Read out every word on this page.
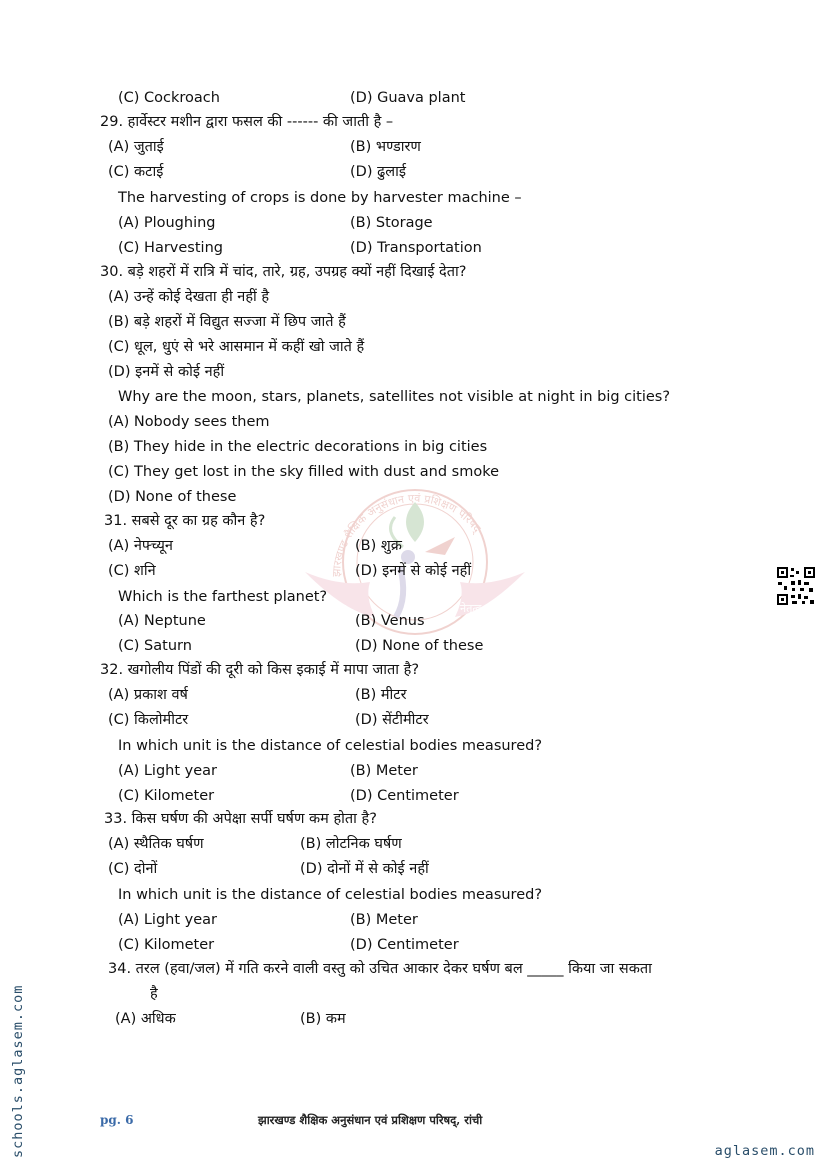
झारखण्ड शैक्षिक अनुसंधान एवं प्रशिक्षण परिषद्
ज्ञान	नेतृत्व
(C) Cockroach	(D) Guava plant
29. हार्वेस्टर मशीन द्वारा फसल की ------ की जाती है –
(A) जुताई	(B) भण्डारण
(C) कटाई	(D) ढुलाई
The harvesting of crops is done by harvester machine –
(A) Ploughing	(B) Storage
(C) Harvesting	(D) Transportation
30. बड़े शहरों में रात्रि में चांद, तारे, ग्रह, उपग्रह क्यों नहीं दिखाई देता?
(A) उन्हें कोई देखता ही नहीं है
(B) बड़े शहरों में विद्युत सज्जा में छिप जाते हैं
(C) धूल, धुएं से भरे आसमान में कहीं खो जाते हैं
(D) इनमें से कोई नहीं
Why are the moon, stars, planets, satellites not visible at night in big cities?
(A) Nobody sees them
(B) They hide in the electric decorations in big cities
(C) They get lost in the sky filled with dust and smoke
(D) None of these
31. सबसे दूर का ग्रह कौन है?
(A) नेफ्च्यून	(B) शुक्र
(C) शनि	(D) इनमें से कोई नहीं
Which is the farthest planet?
(A) Neptune	(B) Venus
(C) Saturn	(D) None of these
32. खगोलीय पिंडों की दूरी को किस इकाई में मापा जाता है?
(A) प्रकाश वर्ष	(B) मीटर
(C) किलोमीटर	(D) सेंटीमीटर
In which unit is the distance of celestial bodies measured?
(A) Light year	(B) Meter
(C) Kilometer	(D) Centimeter
33. किस घर्षण की अपेक्षा सर्पी घर्षण कम होता है?
(A) स्थैतिक घर्षण	(B) लोटनिक घर्षण
(C) दोनों	(D) दोनों में से कोई नहीं
In which unit is the distance of celestial bodies measured?
(A) Light year	(B) Meter
(C) Kilometer	(D) Centimeter
34. तरल (हवा/जल) में गति करने वाली वस्तु को उचित आकार देकर घर्षण बल _____ किया जा सकता
है
(A) अधिक	(B) कम
schools.aglasem.com	pg. 6	झारखण्ड शैक्षिक अनुसंधान एवं प्रशिक्षण परिषद्, रांची
aglasem.com
